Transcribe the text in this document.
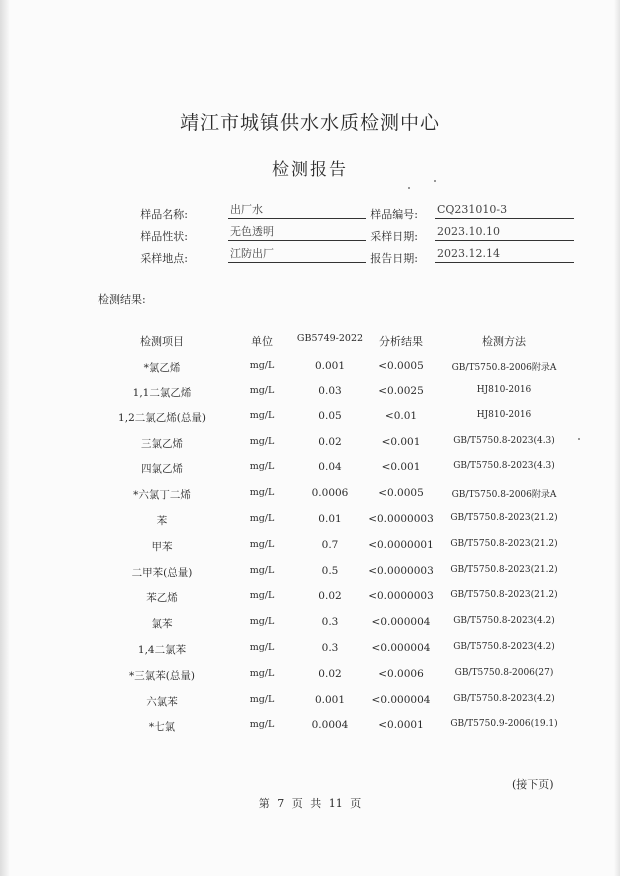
靖江市城镇供水水质检测中心
检测报告
样品名称:	出厂水	样品编号: CQ231010-3
样品性状:	无色透明	采样日期: 2023.10.10
采样地点:	江防出厂	报告日期: 2023.12.14
检测结果:
检测项目	单位	GB5749-2022	分析结果	检测方法
*氯乙烯	mg/L	0.001	<0.0005	GB/T5750.8-2006附录A
1,1二氯乙烯	mg/L	0.03	<0.0025	HJ810-2016
1,2二氯乙烯(总量)	mg/L	0.05	<0.01	HJ810-2016
三氯乙烯	mg/L	0.02	<0.001	GB/T5750.8-2023(4.3)
四氯乙烯	mg/L	0.04	<0.001	GB/T5750.8-2023(4.3)
*六氯丁二烯	mg/L	0.0006	<0.0005	GB/T5750.8-2006附录A
苯	mg/L	0.01	<0.0000003	GB/T5750.8-2023(21.2)
甲苯	mg/L	0.7	<0.0000001	GB/T5750.8-2023(21.2)
二甲苯(总量)	mg/L	0.5	<0.0000003	GB/T5750.8-2023(21.2)
苯乙烯	mg/L	0.02	<0.0000003	GB/T5750.8-2023(21.2)
氯苯	mg/L	0.3	<0.000004	GB/T5750.8-2023(4.2)
1,4二氯苯	mg/L	0.3	<0.000004	GB/T5750.8-2023(4.2)
*三氯苯(总量)	mg/L	0.02	<0.0006	GB/T5750.8-2006(27)
六氯苯	mg/L	0.001	<0.000004	GB/T5750.8-2023(4.2)
*七氯	mg/L	0.0004	<0.0001	GB/T5750.9-2006(19.1)
(接下页)
第 7 页 共 11 页
